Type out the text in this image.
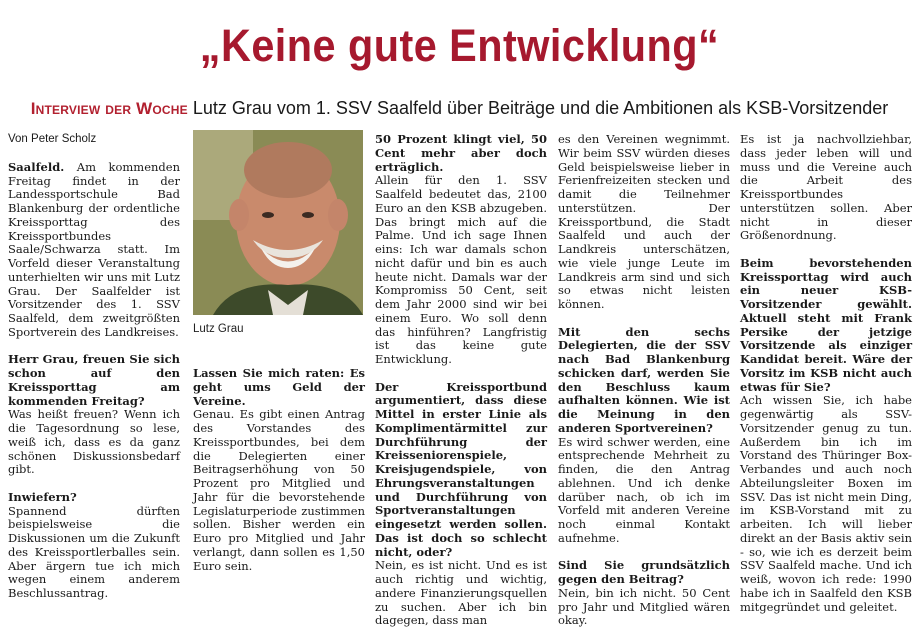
„Keine gute Entwicklung“
Interview der Woche Lutz Grau vom 1. SSV Saalfeld über Beiträge und die Ambitionen als KSB-Vorsitzender

Von Peter Scholz

Saalfeld. Am kommenden Freitag findet in der Landessportschule Bad Blankenburg der ordentliche Kreissporttag des Kreissportbundes Saale/Schwarza statt. Im Vorfeld dieser Veranstaltung unterhielten wir uns mit Lutz Grau. Der Saalfelder ist Vorsitzender des 1. SSV Saalfeld, dem zweitgrößten Sportverein des Landkreises.

Herr Grau, freuen Sie sich schon auf den Kreissporttag am kommenden Freitag?

Was heißt freuen? Wenn ich die Tagesordnung so lese, weiß ich, dass es da ganz schönen Diskussionsbedarf gibt.

Inwiefern?

Spannend dürften beispielsweise die Diskussionen um die Zukunft des Kreissportlerballes sein. Aber ärgern tue ich mich wegen einem anderem Beschlussantrag.

Lutz Grau

Lassen Sie mich raten: Es geht ums Geld der Vereine.

Genau. Es gibt einen Antrag des Vorstandes des Kreissportbundes, bei dem die Delegierten einer Beitragserhöhung von 50 Prozent pro Mitglied und Jahr für die bevorstehende Legislaturperiode zustimmen sollen. Bisher werden ein Euro pro Mitglied und Jahr verlangt, dann sollen es 1,50 Euro sein.

50 Prozent klingt viel, 50 Cent mehr aber doch erträglich.

Allein für den 1. SSV Saalfeld bedeutet das, 2100 Euro an den KSB abzugeben. Das bringt mich auf die Palme. Und ich sage Ihnen eins: Ich war damals schon nicht dafür und bin es auch heute nicht. Damals war der Kompromiss 50 Cent, seit dem Jahr 2000 sind wir bei einem Euro. Wo soll denn das hinführen? Langfristig ist das keine gute Entwicklung.

Der Kreissportbund argumentiert, dass diese Mittel in erster Linie als Komplimentärmittel zur Durchführung der Kreisseniorenspiele, Kreisjugendspiele, von Ehrungsveranstaltungen und Durchführung von Sportveranstaltungen eingesetzt werden sollen. Das ist doch so schlecht nicht, oder?

Nein, es ist nicht. Und es ist auch richtig und wichtig, andere Finanzierungsquellen zu suchen. Aber ich bin dagegen, dass man

es den Vereinen wegnimmt. Wir beim SSV würden dieses Geld beispielsweise lieber in Ferienfreizeiten stecken und damit die Teilnehmer unterstützen. Der Kreissportbund, die Stadt Saalfeld und auch der Landkreis unterschätzen, wie viele junge Leute im Landkreis arm sind und sich so etwas nicht leisten können.

Mit den sechs Delegierten, die der SSV nach Bad Blankenburg schicken darf, werden Sie den Beschluss kaum aufhalten können. Wie ist die Meinung in den anderen Sportvereinen?

Es wird schwer werden, eine entsprechende Mehrheit zu finden, die den Antrag ablehnen. Und ich denke darüber nach, ob ich im Vorfeld mit anderen Vereine noch einmal Kontakt aufnehme.

Sind Sie grundsätzlich gegen den Beitrag?

Nein, bin ich nicht. 50 Cent pro Jahr und Mitglied wären okay.

Es ist ja nachvollziehbar, dass jeder leben will und muss und die Vereine auch die Arbeit des Kreissportbundes unterstützen sollen. Aber nicht in dieser Größenordnung.

Beim bevorstehenden Kreissporttag wird auch ein neuer KSB-Vorsitzender gewählt. Aktuell steht mit Frank Persike der jetzige Vorsitzende als einziger Kandidat bereit. Wäre der Vorsitz im KSB nicht auch etwas für Sie?

Ach wissen Sie, ich habe gegenwärtig als SSV-Vorsitzender genug zu tun. Außerdem bin ich im Vorstand des Thüringer Box-Verbandes und auch noch Abteilungsleiter Boxen im SSV. Das ist nicht mein Ding, im KSB-Vorstand mit zu arbeiten. Ich will lieber direkt an der Basis aktiv sein - so, wie ich es derzeit beim SSV Saalfeld mache. Und ich weiß, wovon ich rede: 1990 habe ich in Saalfeld den KSB mitgegründet und geleitet.
